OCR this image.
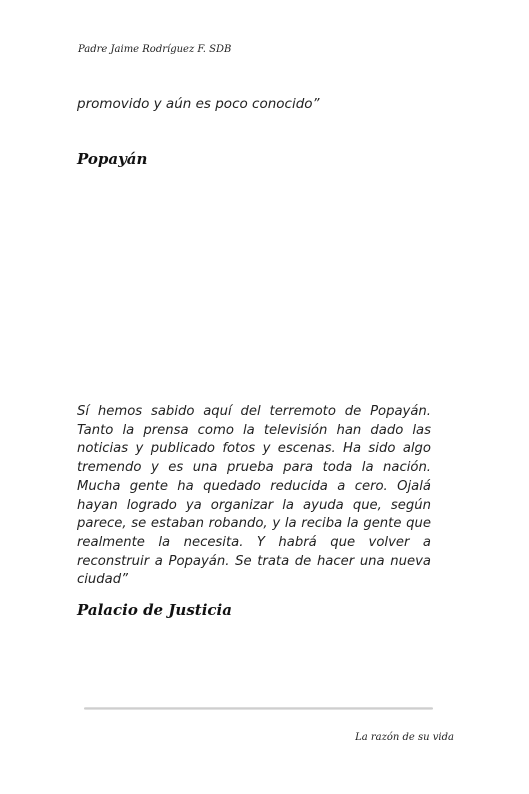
Padre Jaime Rodríguez F. SDB
promovido y aún es poco conocido”
Popayán

Sí hemos sabido aquí del terremoto de Popayán. Tanto la prensa como la televisión han dado las noticias y publicado fotos y escenas. Ha sido algo tremendo y es una prueba para toda la nación. Mucha gente ha quedado reducida a cero. Ojalá hayan logrado ya organizar la ayuda que, según parece, se estaban robando, y la reciba la gente que realmente la necesita. Y habrá que volver a reconstruir a Popayán. Se trata de hacer una nueva ciudad”

Palacio de Justicia
La razón de su vida
